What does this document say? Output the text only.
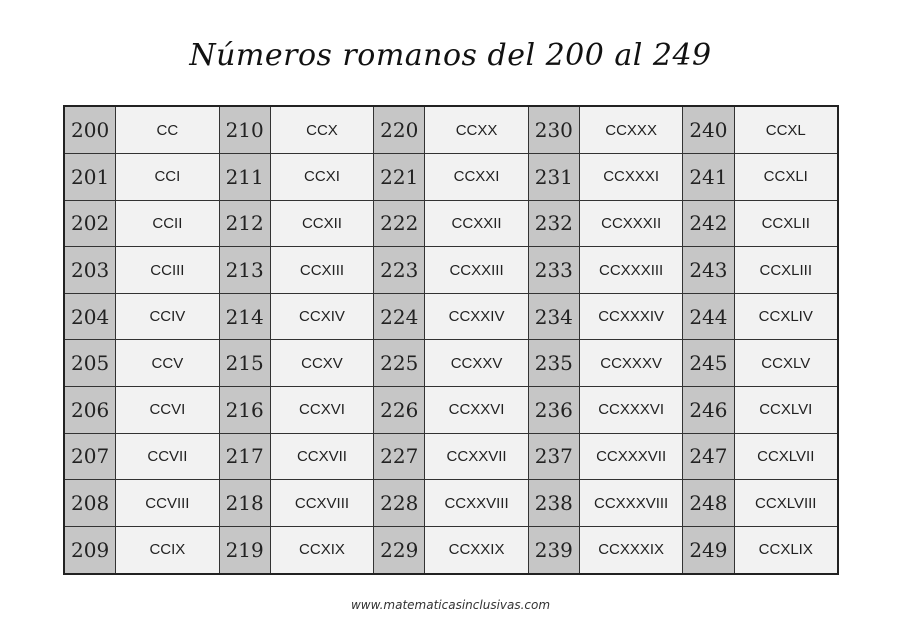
Números romanos del 200 al 249
200	CC	210	CCX	220	CCXX	230	CCXXX	240	CCXL
201	CCI	211	CCXI	221	CCXXI	231	CCXXXI	241	CCXLI
202	CCII	212	CCXII	222	CCXXII	232	CCXXXII	242	CCXLII
203	CCIII	213	CCXIII	223	CCXXIII	233	CCXXXIII	243	CCXLIII
204	CCIV	214	CCXIV	224	CCXXIV	234	CCXXXIV	244	CCXLIV
205	CCV	215	CCXV	225	CCXXV	235	CCXXXV	245	CCXLV
206	CCVI	216	CCXVI	226	CCXXVI	236	CCXXXVI	246	CCXLVI
207	CCVII	217	CCXVII	227	CCXXVII	237	CCXXXVII	247	CCXLVII
208	CCVIII	218	CCXVIII	228	CCXXVIII	238	CCXXXVIII	248	CCXLVIII
209	CCIX	219	CCXIX	229	CCXXIX	239	CCXXXIX	249	CCXLIX
www.matematicasinclusivas.com
